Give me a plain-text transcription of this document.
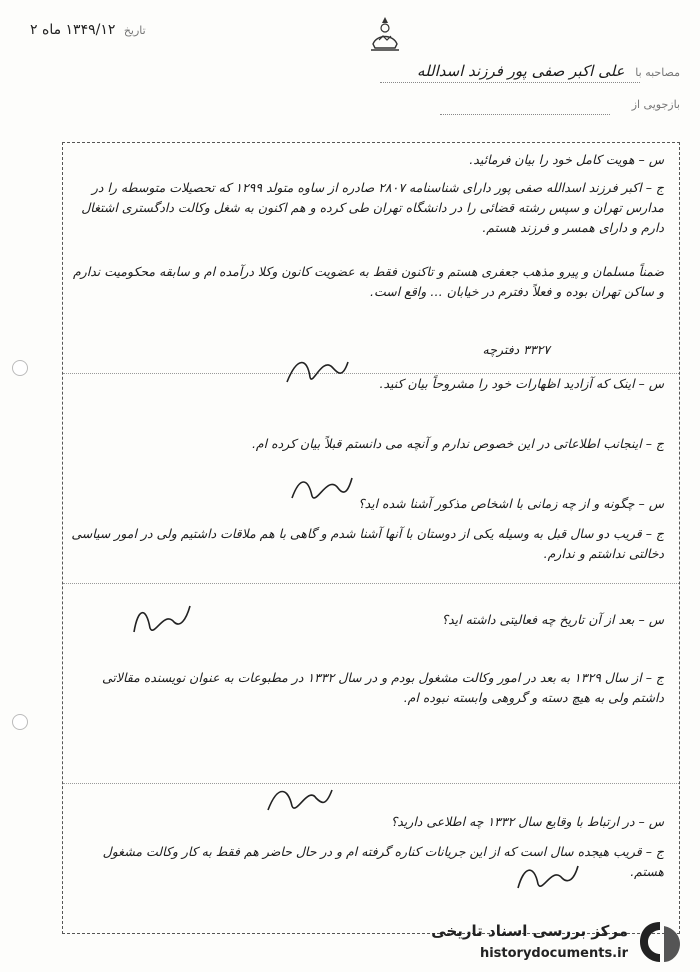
تاریخ ۱۳۴۹/۱۲ ماه ۲
مصاحبه با علی اکبر صفی پور فرزند اسدالله
بازجویی از
س – هویت کامل خود را بیان فرمائید.
ج – اکبر فرزند اسدالله صفی پور دارای شناسنامه ۲۸۰۷ صادره از ساوه متولد ۱۲۹۹ که تحصیلات متوسطه را در مدارس تهران و سپس رشته قضائی را در دانشگاه تهران طی کرده و هم اکنون به شغل وکالت دادگستری اشتغال دارم و دارای همسر و فرزند هستم.
ضمناً مسلمان و پیرو مذهب جعفری هستم و تاکنون فقط به عضویت کانون وکلا درآمده ام و سابقه محکومیت ندارم و ساکن تهران بوده و فعلاً دفترم در خیابان … واقع است.
۳۳۲۷ دفترچه
س – اینک که آزادید اظهارات خود را مشروحاً بیان کنید.
ج – اینجانب اطلاعاتی در این خصوص ندارم و آنچه می دانستم قبلاً بیان کرده ام.
س – چگونه و از چه زمانی با اشخاص مذکور آشنا شده اید؟
ج – قریب دو سال قبل به وسیله یکی از دوستان با آنها آشنا شدم و گاهی با هم ملاقات داشتیم ولی در امور سیاسی دخالتی نداشتم و ندارم.
س – بعد از آن تاریخ چه فعالیتی داشته اید؟
ج – از سال ۱۳۲۹ به بعد در امور وکالت مشغول بودم و در سال ۱۳۳۲ در مطبوعات به عنوان نویسنده مقالاتی داشتم ولی به هیچ دسته و گروهی وابسته نبوده ام.
س – در ارتباط با وقایع سال ۱۳۳۲ چه اطلاعی دارید؟
ج – قریب هیجده سال است که از این جریانات کناره گرفته ام و در حال حاضر هم فقط به کار وکالت مشغول هستم.
مرکز بررسی اسناد تاریخی
historydocuments.ir
